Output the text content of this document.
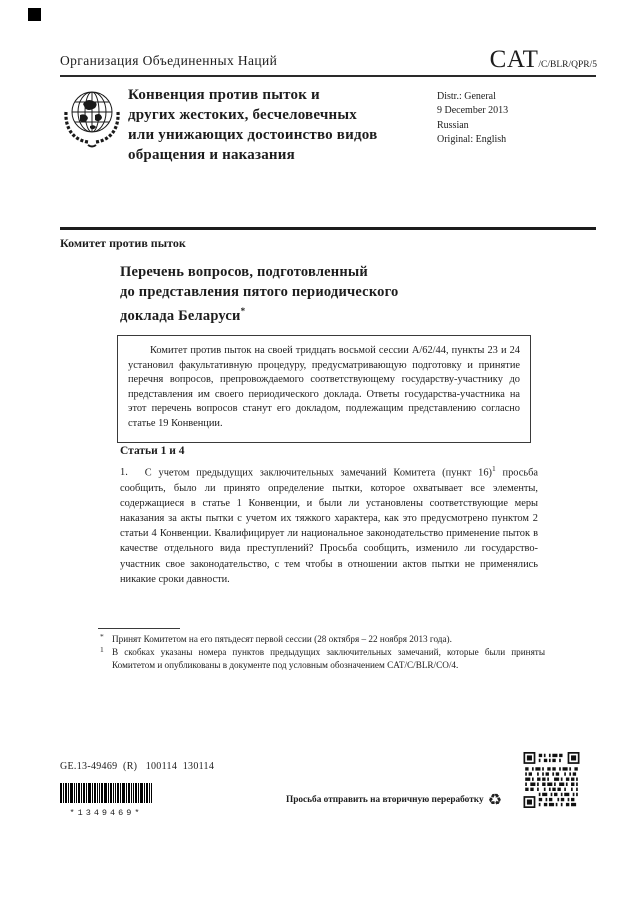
Организация Объединенных Наций	CAT/C/BLR/QPR/5
Конвенция против пыток и
других жестоких, бесчеловечных
или унижающих достоинство видов
обращения и наказания
Distr.: General
9 December 2013
Russian
Original: English
Комитет против пыток
Перечень вопросов, подготовленный
до представления пятого периодического
доклада Беларуси*
Комитет против пыток на своей тридцать восьмой сессии A/62/44, пункты 23 и 24 установил факультативную процедуру, предусматривающую подготовку и принятие перечня вопросов, препровождаемого соответствующему государству-участнику до представления им своего периодического доклада. Ответы государства-участника на этот перечень вопросов станут его докладом, подлежащим представлению согласно статье 19 Конвенции.
Статьи 1 и 4
1. С учетом предыдущих заключительных замечаний Комитета (пункт 16)$^1$ просьба сообщить, было ли принято определение пытки, которое охватывает все элементы, содержащиеся в статье 1 Конвенции, и были ли установлены соответствующие меры наказания за акты пытки с учетом их тяжкого характера, как это предусмотрено пунктом 2 статьи 4 Конвенции. Квалифицирует ли национальное законодательство применение пыток в качестве отдельного вида преступлений? Просьба сообщить, изменило ли государство-участник свое законодательство, с тем чтобы в отношении актов пытки не применялись никакие сроки давности.
* Принят Комитетом на его пятьдесят первой сессии (28 октября – 22 ноября 2013 года).
1 В скобках указаны номера пунктов предыдущих заключительных замечаний, которые были приняты Комитетом и опубликованы в документе под условным обозначением CAT/C/BLR/CO/4.
GE.13-49469  (R)   100114  130114
*1349469*
Просьба отправить на вторичную переработку ♻
